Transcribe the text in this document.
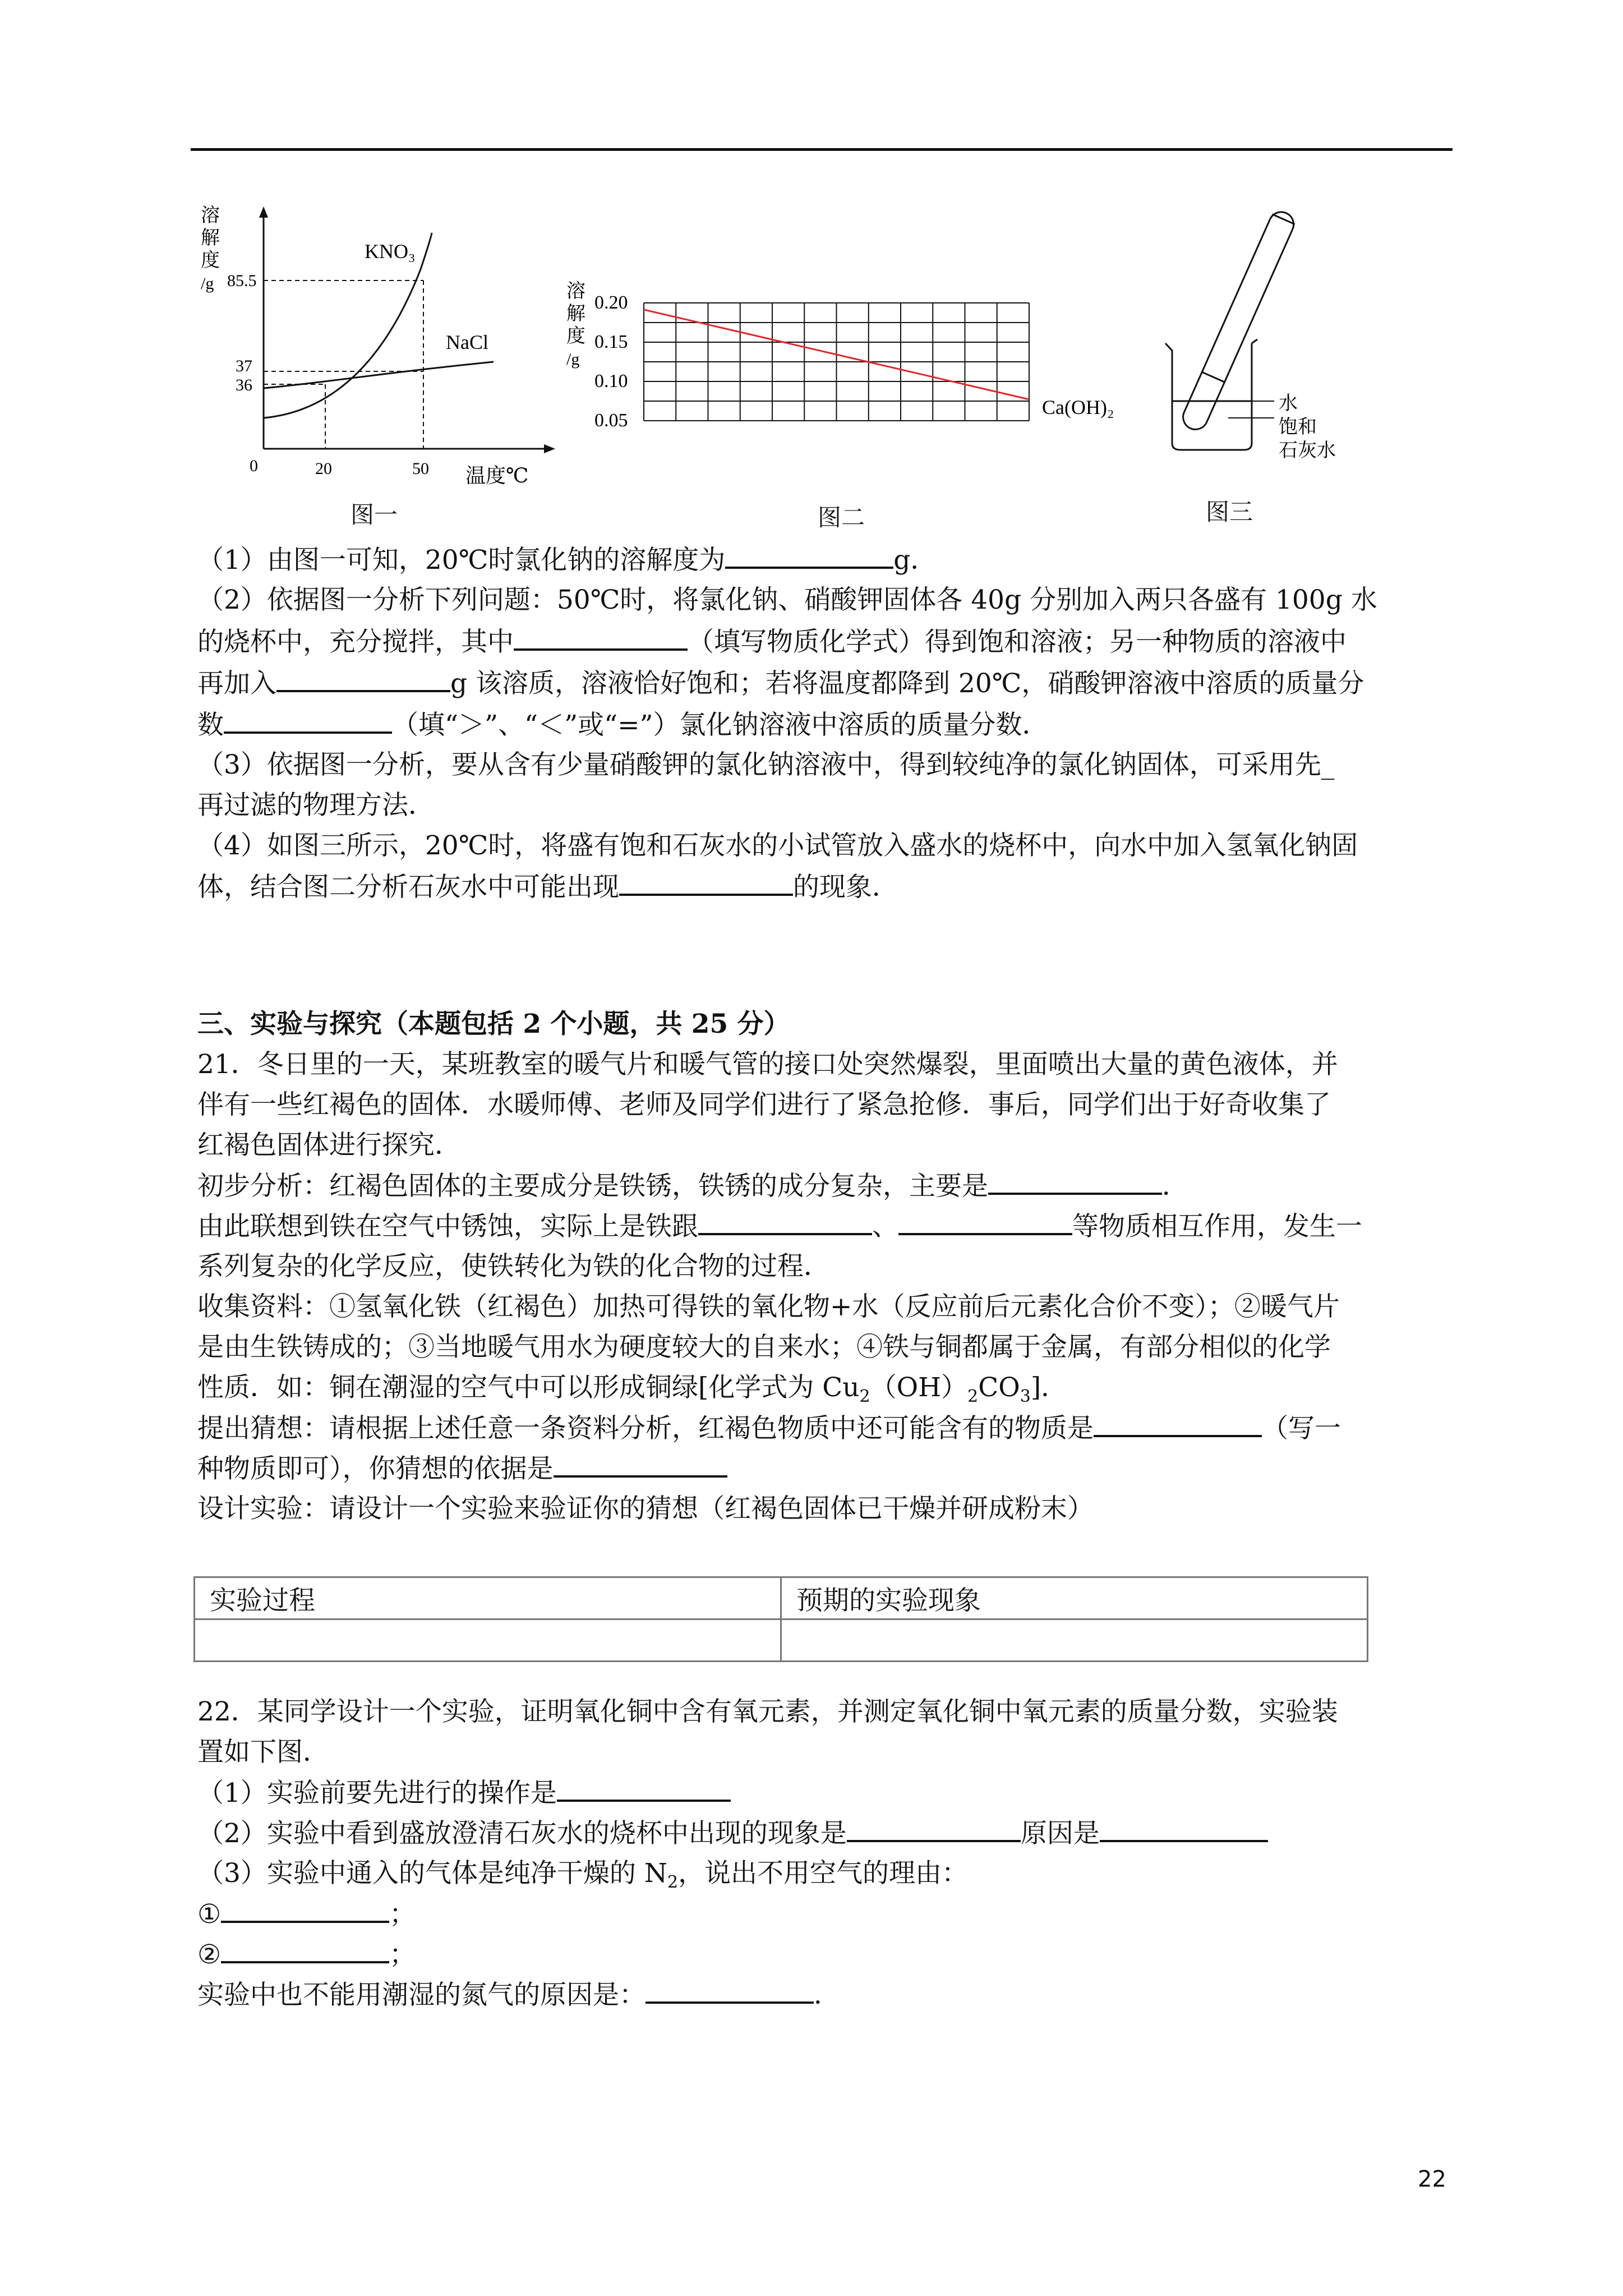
溶
解
度
/g 85.5
37
36
0	20	50 温度℃
KNO₃
NaCl
图一
溶
解
度
/g
0.20
0.15
0.10
0.05
Ca(OH)₂
图二
水
饱和
石灰水
图三
（1）由图一可知，20℃时氯化钠的溶解度为	g．
（2）依据图一分析下列问题：50℃时，将氯化钠、硝酸钾固体各 40g 分别加入两只各盛有 100g 水
的烧杯中，充分搅拌，其中	（填写物质化学式）得到饱和溶液；另一种物质的溶液中
再加入	g 该溶质，溶液恰好饱和；若将温度都降到 20℃，硝酸钾溶液中溶质的质量分
数	（填“＞”、“＜”或“=”）氯化钠溶液中溶质的质量分数．
（3）依据图一分析，要从含有少量硝酸钾的氯化钠溶液中，得到较纯净的氯化钠固体，可采用先_
再过滤的物理方法．
（4）如图三所示，20℃时，将盛有饱和石灰水的小试管放入盛水的烧杯中，向水中加入氢氧化钠固
体，结合图二分析石灰水中可能出现	的现象．
三、实验与探究（本题包括 2 个小题，共 25 分）
21．冬日里的一天，某班教室的暖气片和暖气管的接口处突然爆裂，里面喷出大量的黄色液体，并
伴有一些红褐色的固体．水暖师傅、老师及同学们进行了紧急抢修．事后，同学们出于好奇收集了
红褐色固体进行探究．
初步分析：红褐色固体的主要成分是铁锈，铁锈的成分复杂，主要是	．
由此联想到铁在空气中锈蚀，实际上是铁跟	、	等物质相互作用，发生一
系列复杂的化学反应，使铁转化为铁的化合物的过程．
收集资料：①氢氧化铁（红褐色）加热可得铁的氧化物+水（反应前后元素化合价不变）；②暖气片
是由生铁铸成的；③当地暖气用水为硬度较大的自来水；④铁与铜都属于金属，有部分相似的化学
性质．如：铜在潮湿的空气中可以形成铜绿[化学式为 $Cu_2(OH)_2CO_3$]．
提出猜想：请根据上述任意一条资料分析，红褐色物质中还可能含有的物质是	（写一
种物质即可），你猜想的依据是
设计实验：请设计一个实验来验证你的猜想（红褐色固体已干燥并研成粉末）
实验过程	预期的实验现象

22．某同学设计一个实验，证明氧化铜中含有氧元素，并测定氧化铜中氧元素的质量分数，实验装
置如下图．
（1）实验前要先进行的操作是
（2）实验中看到盛放澄清石灰水的烧杯中出现的现象是	原因是
（3）实验中通入的气体是纯净干燥的 $N_2$，说出不用空气的理由：
①	；
②	；
实验中也不能用潮湿的氮气的原因是：	．
22
